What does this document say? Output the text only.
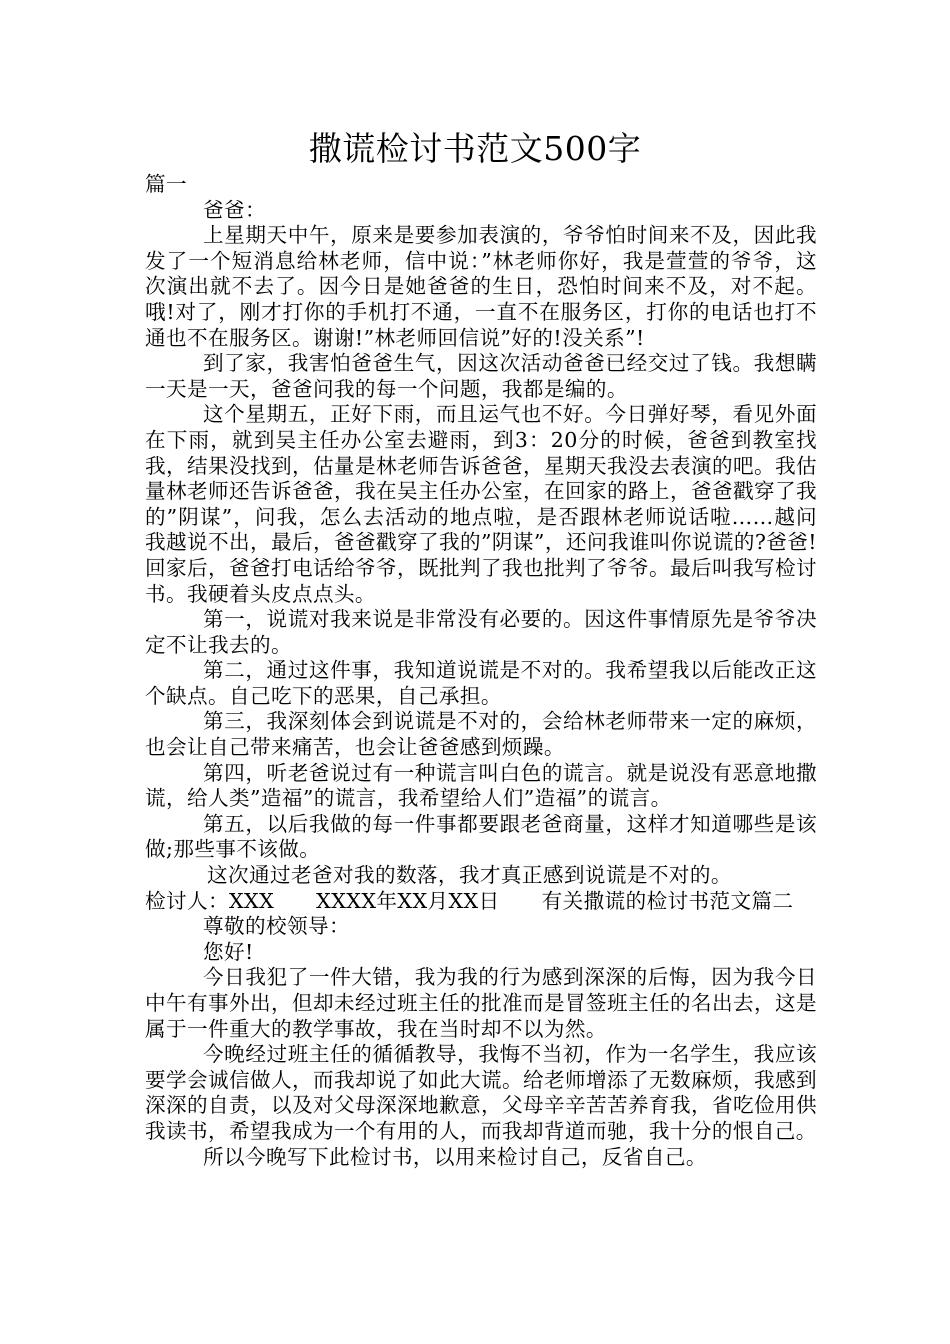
撒谎检讨书范文500字

篇一

爸爸：

上星期天中午，原来是要参加表演的，爷爷怕时间来不及，因此我发了一个短消息给林老师，信中说：”林老师你好，我是萱萱的爷爷，这次演出就不去了。因今日是她爸爸的生日，恐怕时间来不及，对不起。哦!对了，刚才打你的手机打不通，一直不在服务区，打你的电话也打不通也不在服务区。谢谢!”林老师回信说”好的!没关系”!

到了家，我害怕爸爸生气，因这次活动爸爸已经交过了钱。我想瞒一天是一天，爸爸问我的每一个问题，我都是编的。

这个星期五，正好下雨，而且运气也不好。今日弹好琴，看见外面在下雨，就到吴主任办公室去避雨，到3：20分的时候，爸爸到教室找我，结果没找到，估量是林老师告诉爸爸，星期天我没去表演的吧。我估量林老师还告诉爸爸，我在吴主任办公室，在回家的路上，爸爸戳穿了我的”阴谋”，问我，怎么去活动的地点啦，是否跟林老师说话啦……越问我越说不出，最后，爸爸戳穿了我的”阴谋”，还问我谁叫你说谎的?爸爸!回家后，爸爸打电话给爷爷，既批判了我也批判了爷爷。最后叫我写检讨书。我硬着头皮点点头。

第一，说谎对我来说是非常没有必要的。因这件事情原先是爷爷决定不让我去的。

第二，通过这件事，我知道说谎是不对的。我希望我以后能改正这个缺点。自己吃下的恶果，自己承担。

第三，我深刻体会到说谎是不对的，会给林老师带来一定的麻烦，也会让自己带来痛苦，也会让爸爸感到烦躁。

第四，听老爸说过有一种谎言叫白色的谎言。就是说没有恶意地撒谎，给人类”造福”的谎言，我希望给人们”造福”的谎言。

第五，以后我做的每一件事都要跟老爸商量，这样才知道哪些是该做;那些事不该做。

这次通过老爸对我的数落，我才真正感到说谎是不对的。

检讨人：XXX　　XXXX年XX月XX日　　有关撒谎的检讨书范文篇二

尊敬的校领导：

您好!

今日我犯了一件大错，我为我的行为感到深深的后悔，因为我今日中午有事外出，但却未经过班主任的批准而是冒签班主任的名出去，这是属于一件重大的教学事故，我在当时却不以为然。

今晚经过班主任的循循教导，我悔不当初，作为一名学生，我应该要学会诚信做人，而我却说了如此大谎。给老师增添了无数麻烦，我感到深深的自责，以及对父母深深地歉意，父母辛辛苦苦养育我，省吃俭用供我读书，希望我成为一个有用的人，而我却背道而驰，我十分的恨自己。

所以今晚写下此检讨书，以用来检讨自己，反省自己。
